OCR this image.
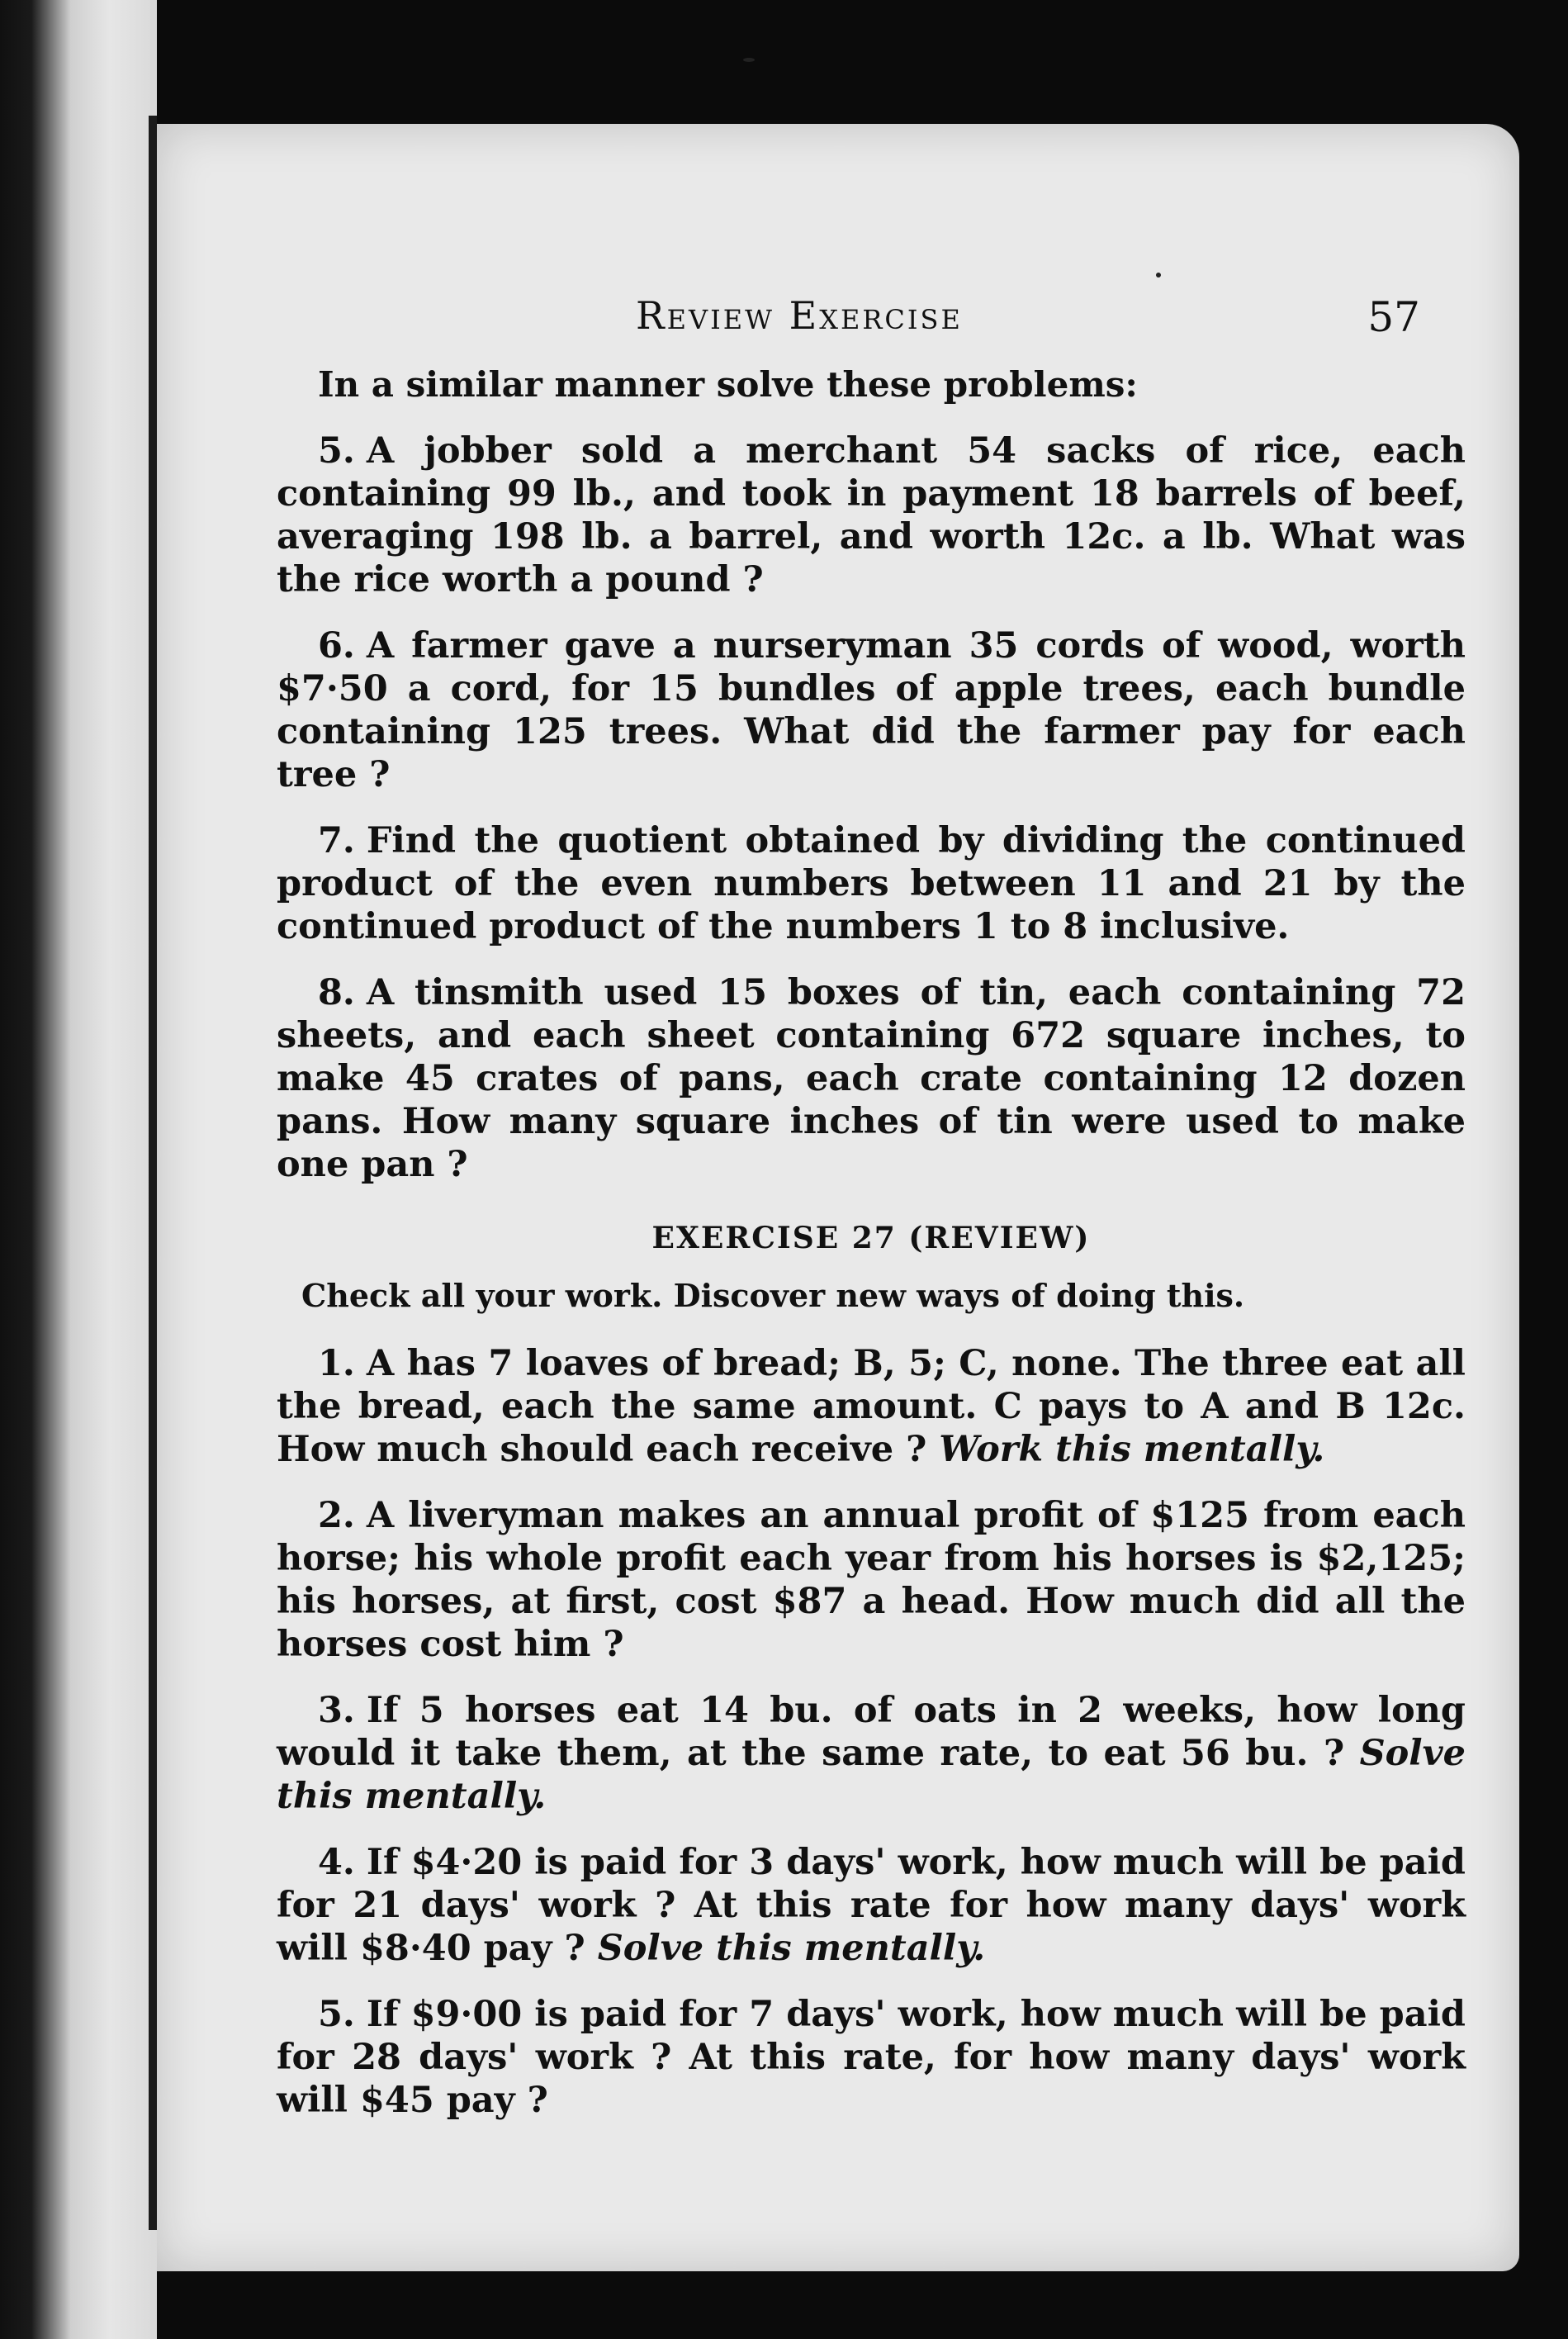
Review Exercise	57

In a similar manner solve these problems:

5. A jobber sold a merchant 54 sacks of rice, each containing 99 lb., and took in payment 18 barrels of beef, averaging 198 lb. a barrel, and worth 12c. a lb. What was the rice worth a pound ?

6. A farmer gave a nurseryman 35 cords of wood, worth $7·50 a cord, for 15 bundles of apple trees, each bundle containing 125 trees. What did the farmer pay for each tree ?

7. Find the quotient obtained by dividing the continued product of the even numbers between 11 and 21 by the continued product of the numbers 1 to 8 inclusive.

8. A tinsmith used 15 boxes of tin, each containing 72 sheets, and each sheet containing 672 square inches, to make 45 crates of pans, each crate containing 12 dozen pans. How many square inches of tin were used to make one pan ?

EXERCISE 27 (REVIEW)

Check all your work. Discover new ways of doing this.

1. A has 7 loaves of bread; B, 5; C, none. The three eat all the bread, each the same amount. C pays to A and B 12c. How much should each receive ? Work this mentally.

2. A liveryman makes an annual profit of $125 from each horse; his whole profit each year from his horses is $2,125; his horses, at first, cost $87 a head. How much did all the horses cost him ?

3. If 5 horses eat 14 bu. of oats in 2 weeks, how long would it take them, at the same rate, to eat 56 bu. ? Solve this mentally.

4. If $4·20 is paid for 3 days' work, how much will be paid for 21 days' work ? At this rate for how many days' work will $8·40 pay ? Solve this mentally.

5. If $9·00 is paid for 7 days' work, how much will be paid for 28 days' work ? At this rate, for how many days' work will $45 pay ?
